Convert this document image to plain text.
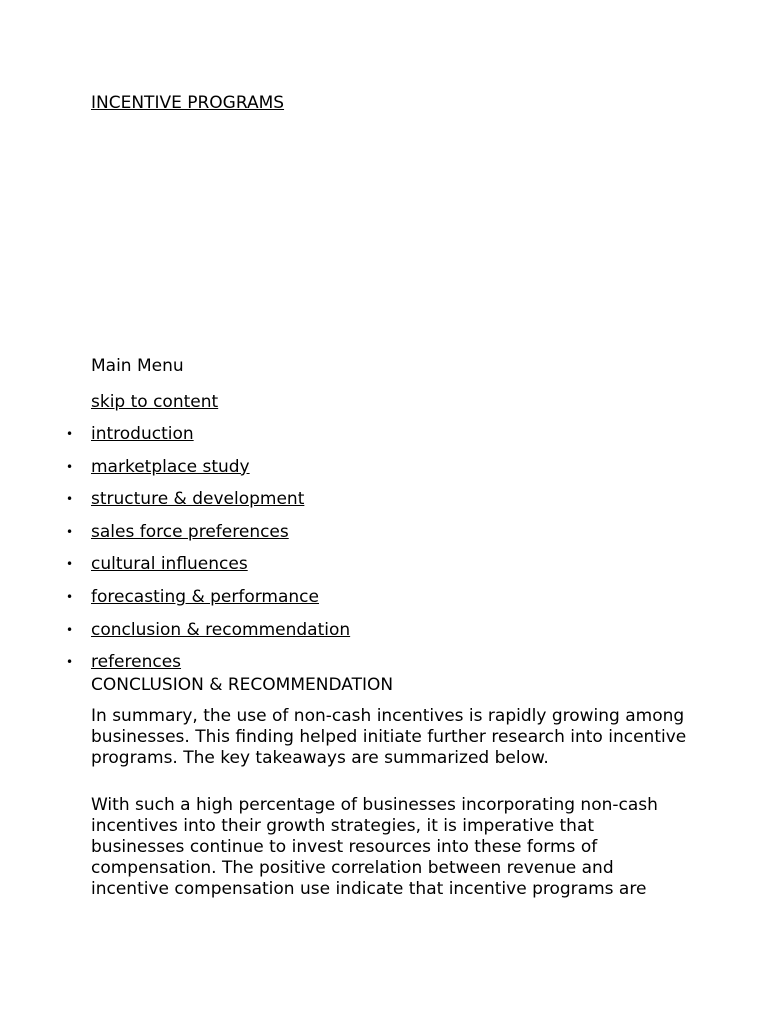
INCENTIVE PROGRAMS
Main Menu
skip to content
• introduction
• marketplace study
• structure & development
• sales force preferences
• cultural influences
• forecasting & performance
• conclusion & recommendation
• references
CONCLUSION & RECOMMENDATION

In summary, the use of non-cash incentives is rapidly growing among businesses. This finding helped initiate further research into incentive programs. The key takeaways are summarized below.

With such a high percentage of businesses incorporating non-cash incentives into their growth strategies, it is imperative that businesses continue to invest resources into these forms of compensation. The positive correlation between revenue and incentive compensation use indicate that incentive programs are
